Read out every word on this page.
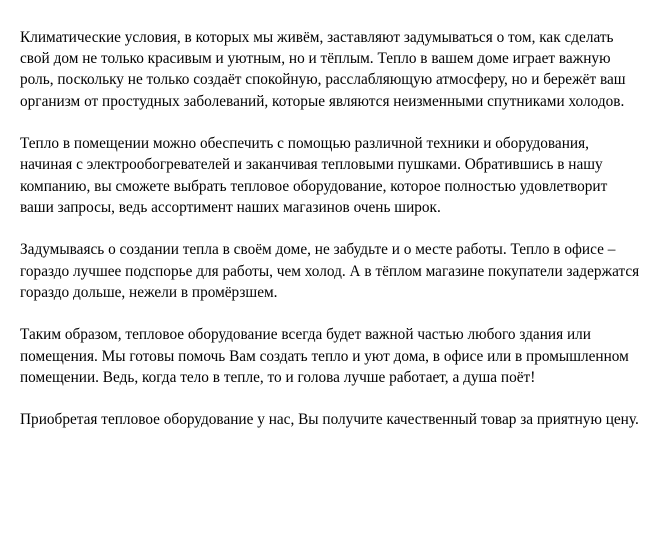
Климатические условия, в которых мы живём, заставляют задумываться о том, как сделать свой дом не только красивым и уютным, но и тёплым. Тепло в вашем доме играет важную роль, поскольку не только создаёт спокойную, расслабляющую атмосферу, но и бережёт ваш организм от простудных заболеваний, которые являются неизменными спутниками холодов.

Тепло в помещении можно обеспечить с помощью различной техники и оборудования, начиная с электрообогревателей и заканчивая тепловыми пушками. Обратившись в нашу компанию, вы сможете выбрать тепловое оборудование, которое полностью удовлетворит ваши запросы, ведь ассортимент наших магазинов очень широк.

Задумываясь о создании тепла в своём доме, не забудьте и о месте работы. Тепло в офисе – гораздо лучшее подспорье для работы, чем холод. А в тёплом магазине покупатели задержатся гораздо дольше, нежели в промёрзшем.

Таким образом, тепловое оборудование всегда будет важной частью любого здания или помещения. Мы готовы помочь Вам создать тепло и уют дома, в офисе или в промышленном помещении. Ведь, когда тело в тепле, то и голова лучше работает, а душа поёт!

Приобретая тепловое оборудование у нас, Вы получите качественный товар за приятную цену.
